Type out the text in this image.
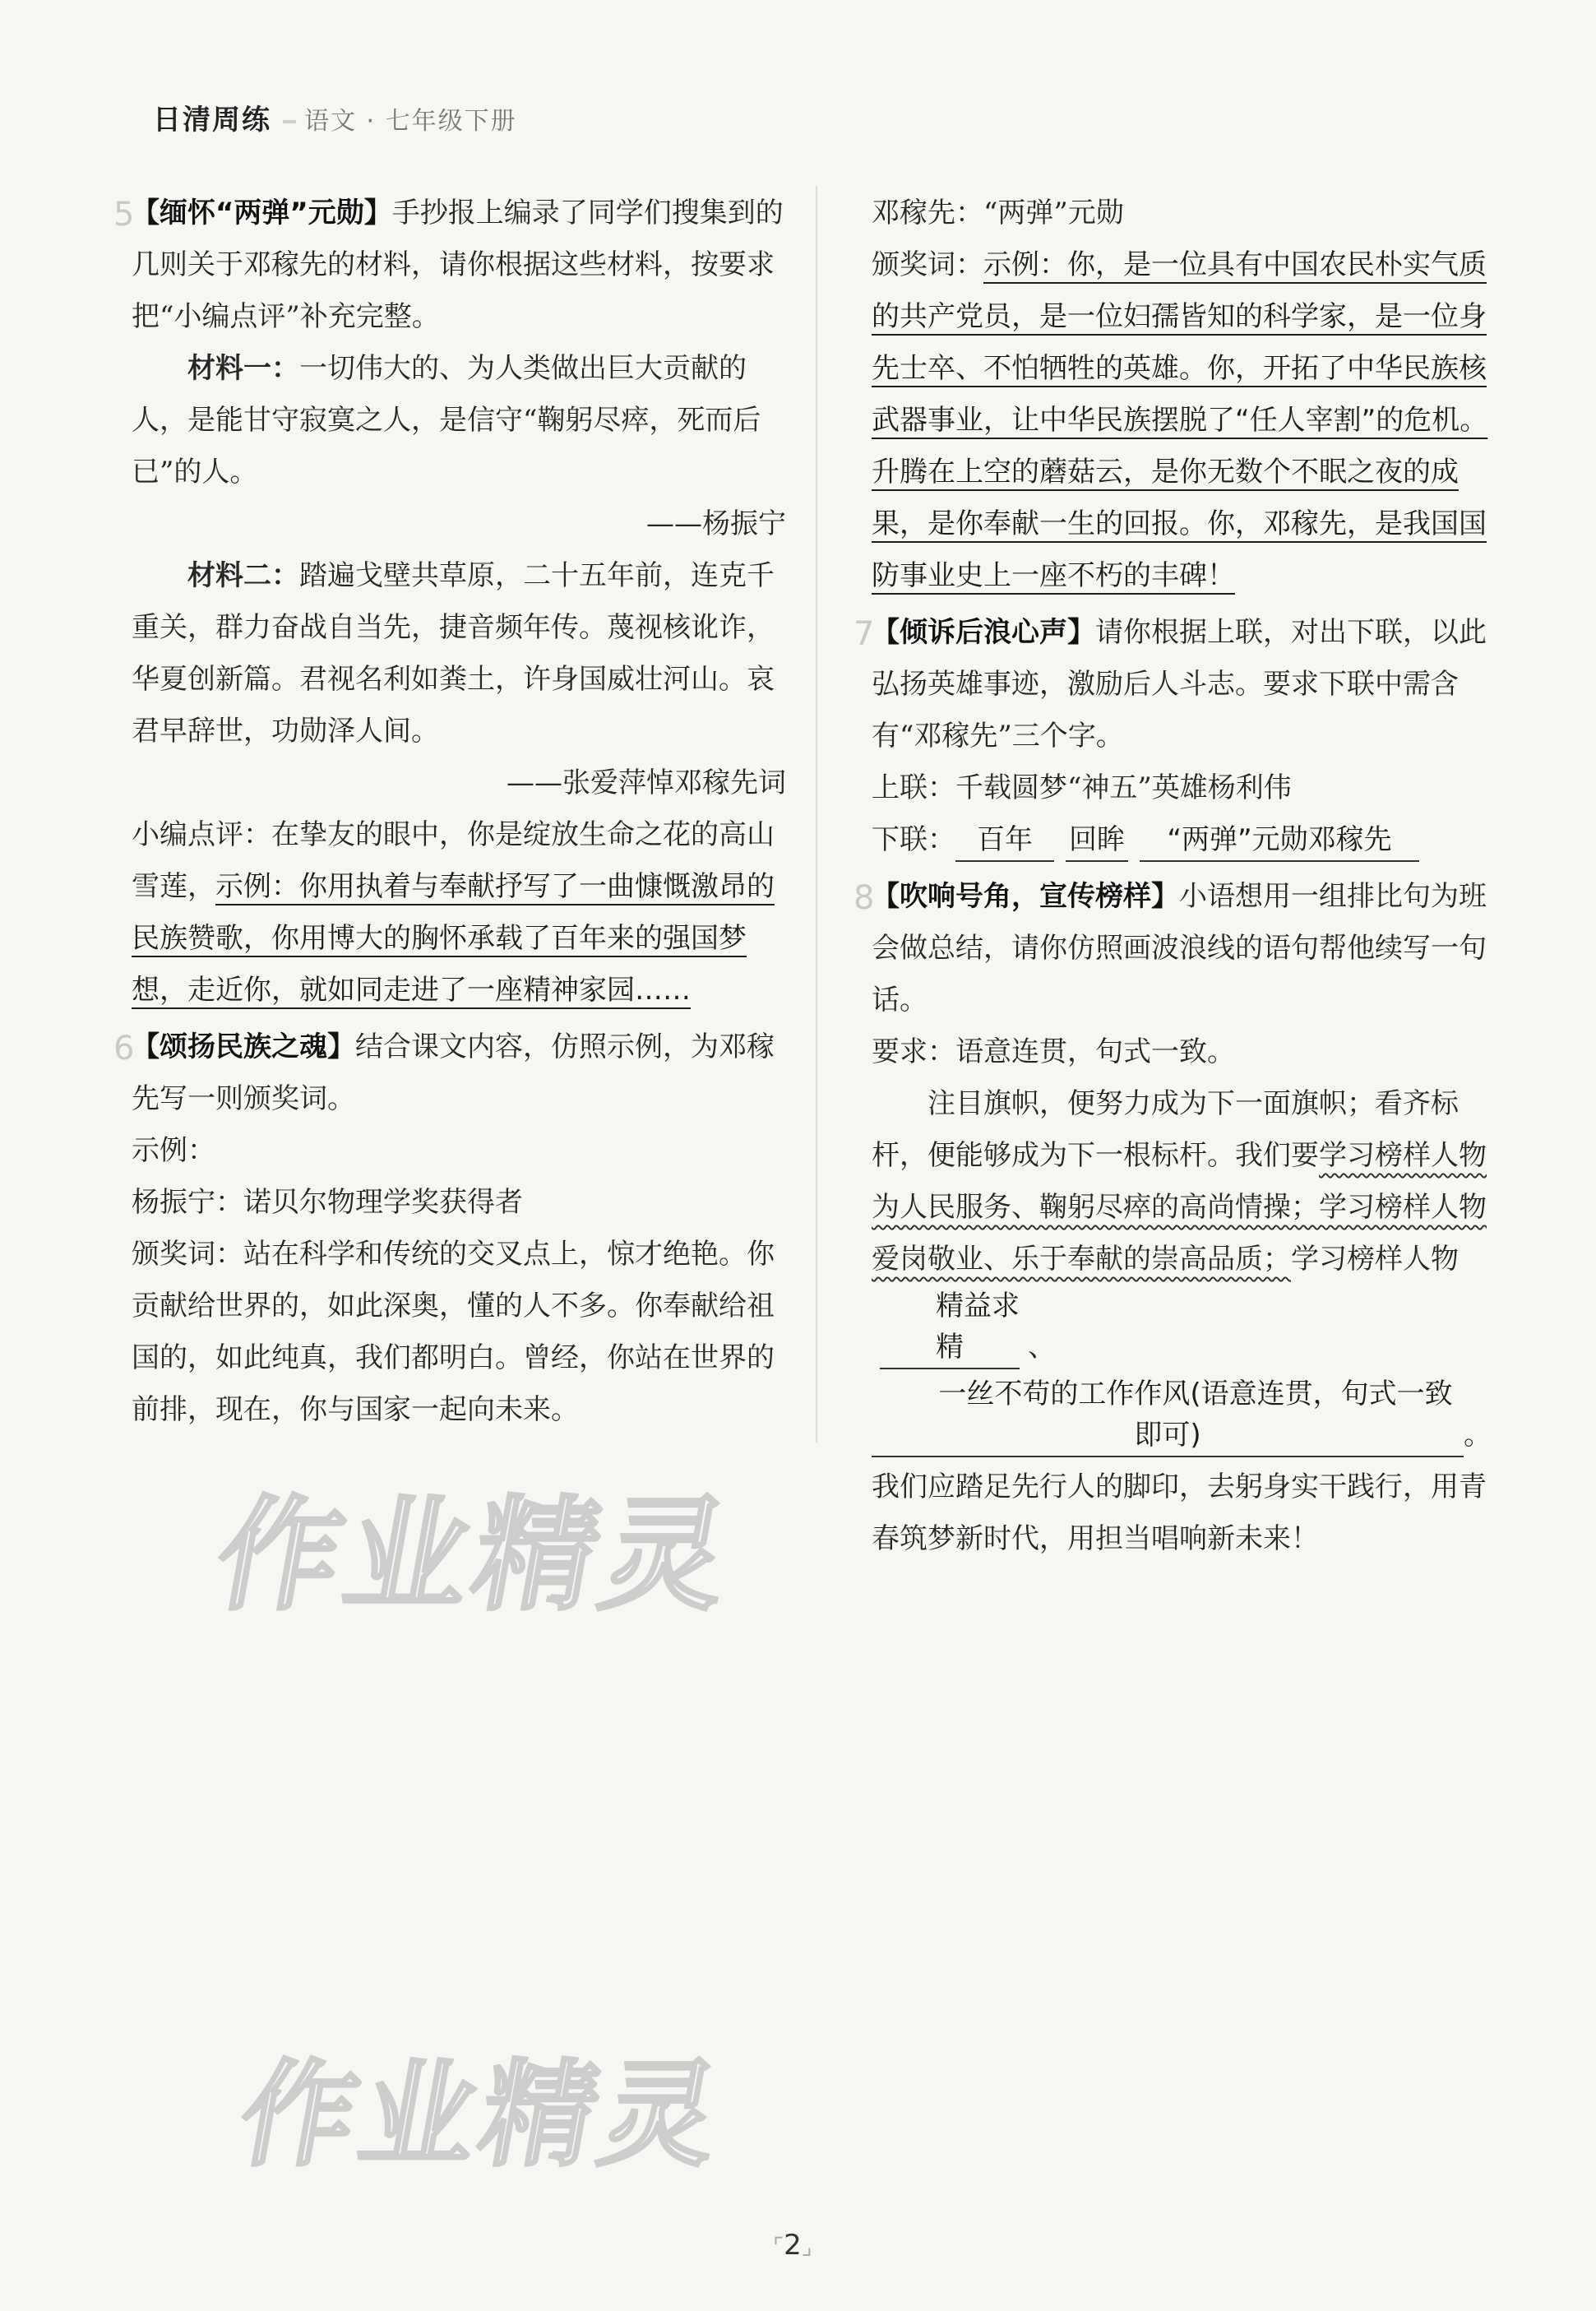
日清周练 语文 · 七年级下册
5

【缅怀“两弹”元勋】手抄报上编录了同学们搜集到的几则关于邓稼先的材料，请你根据这些材料，按要求把“小编点评”补充完整。

材料一：一切伟大的、为人类做出巨大贡献的人，是能甘守寂寞之人，是信守“鞠躬尽瘁，死而后已”的人。

——杨振宁

材料二：踏遍戈壁共草原，二十五年前，连克千重关，群力奋战自当先，捷音频年传。蔑视核讹诈，华夏创新篇。君视名利如粪土，许身国威壮河山。哀君早辞世，功勋泽人间。

——张爱萍悼邓稼先词

小编点评：在挚友的眼中，你是绽放生命之花的高山雪莲，示例：你用执着与奉献抒写了一曲慷慨激昂的民族赞歌，你用博大的胸怀承载了百年来的强国梦想，走近你，就如同走进了一座精神家园……

6

【颂扬民族之魂】结合课文内容，仿照示例，为邓稼先写一则颁奖词。

示例：

杨振宁：诺贝尔物理学奖获得者

颁奖词：站在科学和传统的交叉点上，惊才绝艳。你贡献给世界的，如此深奥，懂的人不多。你奉献给祖国的，如此纯真，我们都明白。曾经，你站在世界的前排，现在，你与国家一起向未来。

邓稼先：“两弹”元勋

颁奖词：示例：你，是一位具有中国农民朴实气质的共产党员，是一位妇孺皆知的科学家，是一位身先士卒、不怕牺牲的英雄。你，开拓了中华民族核武器事业，让中华民族摆脱了“任人宰割”的危机。升腾在上空的蘑菇云，是你无数个不眠之夜的成果，是你奉献一生的回报。你，邓稼先，是我国国防事业史上一座不朽的丰碑！

7

【倾诉后浪心声】请你根据上联，对出下联，以此弘扬英雄事迹，激励后人斗志。要求下联中需含有“邓稼先”三个字。

上联：千载圆梦“神五”英雄杨利伟

下联： 百年 回眸 “两弹”元勋邓稼先

8

【吹响号角，宣传榜样】小语想用一组排比句为班会做总结，请你仿照画波浪线的语句帮他续写一句话。

要求：语意连贯，句式一致。

注目旗帜，便努力成为下一面旗帜；看齐标杆，便能够成为下一根标杆。我们要学习榜样人物为人民服务、鞠躬尽瘁的高尚情操；学习榜样人物爱岗敬业、乐于奉献的崇高品质；学习榜样人物精益求精 、一丝不苟的工作作风(语意连贯，句式一致即可)	。我们应踏足先行人的脚印，去躬身实干践行，用青春筑梦新时代，用担当唱响新未来！

作业精灵
作业精灵
⌜2⌟
